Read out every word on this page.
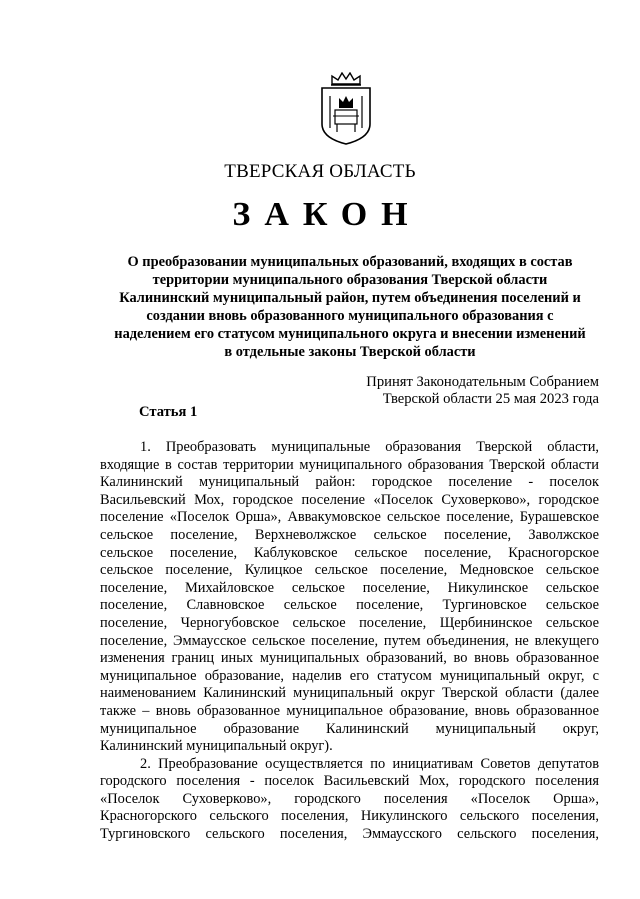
ТВЕРСКАЯ ОБЛАСТЬ
ЗАКОН
О преобразовании муниципальных образований, входящих в состав
территории муниципального образования Тверской области
Калининский муниципальный район, путем объединения поселений и
создании вновь образованного муниципального образования с
наделением его статусом муниципального округа и внесении изменений
в отдельные законы Тверской области
Принят Законодательным Собранием
Тверской области 25 мая 2023 года
Статья 1
1. Преобразовать муниципальные образования Тверской области,
входящие в состав территории муниципального образования Тверской области
Калининский муниципальный район: городское поселение - поселок
Васильевский Мох, городское поселение «Поселок Суховерково», городское
поселение «Поселок Орша», Аввакумовское сельское поселение, Бурашевское
сельское поселение, Верхневолжское сельское поселение, Заволжское
сельское поселение, Каблуковское сельское поселение, Красногорское
сельское поселение, Кулицкое сельское поселение, Медновское сельское
поселение, Михайловское сельское поселение, Никулинское сельское
поселение, Славновское сельское поселение, Тургиновское сельское
поселение, Черногубовское сельское поселение, Щербининское сельское
поселение, Эммаусское сельское поселение, путем объединения, не влекущего
изменения границ иных муниципальных образований, во вновь образованное
муниципальное образование, наделив его статусом муниципальный округ, с
наименованием Калининский муниципальный округ Тверской области (далее
также – вновь образованное муниципальное образование, вновь образованное
муниципальное образование Калининский муниципальный округ,
Калининский муниципальный округ).
2. Преобразование осуществляется по инициативам Советов депутатов
городского поселения - поселок Васильевский Мох, городского поселения
«Поселок Суховерково», городского поселения «Поселок Орша»,
Красногорского сельского поселения, Никулинского сельского поселения,
Тургиновского сельского поселения, Эммаусского сельского поселения,
